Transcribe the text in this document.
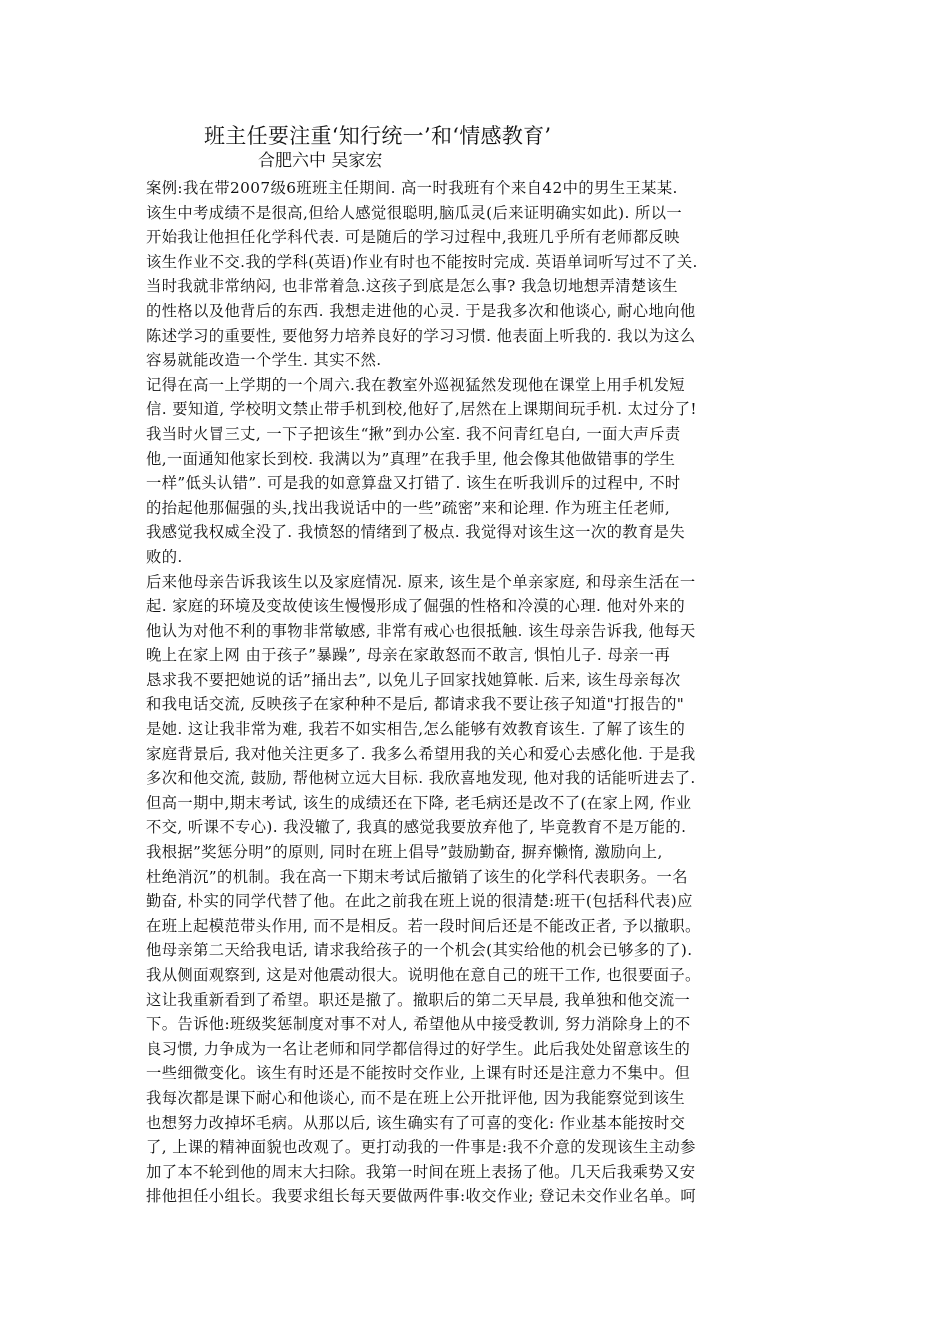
班主任要注重‘知行统一’和‘情感教育’
合肥六中 吴家宏
案例:我在带2007级6班班主任期间. 高一时我班有个来自42中的男生王某某.
该生中考成绩不是很高,但给人感觉很聪明,脑瓜灵(后来证明确实如此). 所以一
开始我让他担任化学科代表. 可是随后的学习过程中,我班几乎所有老师都反映
该生作业不交.我的学科(英语)作业有时也不能按时完成. 英语单词听写过不了关.
当时我就非常纳闷, 也非常着急.这孩子到底是怎么事? 我急切地想弄清楚该生
的性格以及他背后的东西. 我想走进他的心灵. 于是我多次和他谈心, 耐心地向他
陈述学习的重要性, 要他努力培养良好的学习习惯. 他表面上听我的. 我以为这么
容易就能改造一个学生. 其实不然.
记得在高一上学期的一个周六.我在教室外巡视猛然发现他在课堂上用手机发短
信. 要知道, 学校明文禁止带手机到校,他好了,居然在上课期间玩手机. 太过分了!
我当时火冒三丈, 一下子把该生“揪”到办公室. 我不问青红皂白, 一面大声斥责
他,一面通知他家长到校. 我满以为”真理”在我手里, 他会像其他做错事的学生
一样”低头认错”. 可是我的如意算盘又打错了. 该生在听我训斥的过程中, 不时
的抬起他那倔强的头,找出我说话中的一些”疏密”来和论理. 作为班主任老师,
我感觉我权威全没了. 我愤怒的情绪到了极点. 我觉得对该生这一次的教育是失
败的.
后来他母亲告诉我该生以及家庭情况. 原来, 该生是个单亲家庭, 和母亲生活在一
起. 家庭的环境及变故使该生慢慢形成了倔强的性格和冷漠的心理. 他对外来的
他认为对他不利的事物非常敏感, 非常有戒心也很抵触. 该生母亲告诉我, 他每天
晚上在家上网 由于孩子”暴躁”, 母亲在家敢怒而不敢言, 惧怕儿子. 母亲一再
恳求我不要把她说的话”捅出去”, 以免儿子回家找她算帐. 后来, 该生母亲每次
和我电话交流, 反映孩子在家种种不是后, 都请求我不要让孩子知道"打报告的"
是她. 这让我非常为难, 我若不如实相告,怎么能够有效教育该生. 了解了该生的
家庭背景后, 我对他关注更多了. 我多么希望用我的关心和爱心去感化他. 于是我
多次和他交流, 鼓励, 帮他树立远大目标. 我欣喜地发现, 他对我的话能听进去了.
但高一期中,期末考试, 该生的成绩还在下降, 老毛病还是改不了(在家上网, 作业
不交, 听课不专心). 我没辙了, 我真的感觉我要放弃他了, 毕竟教育不是万能的.
我根据”奖惩分明”的原则, 同时在班上倡导”鼓励勤奋, 摒弃懒惰, 激励向上,
杜绝消沉”的机制。我在高一下期末考试后撤销了该生的化学科代表职务。一名
勤奋, 朴实的同学代替了他。在此之前我在班上说的很清楚:班干(包括科代表)应
在班上起模范带头作用, 而不是相反。若一段时间后还是不能改正者, 予以撤职。
他母亲第二天给我电话, 请求我给孩子的一个机会(其实给他的机会已够多的了).
我从侧面观察到, 这是对他震动很大。说明他在意自己的班干工作, 也很要面子。
这让我重新看到了希望。职还是撤了。撤职后的第二天早晨, 我单独和他交流一
下。告诉他:班级奖惩制度对事不对人, 希望他从中接受教训, 努力消除身上的不
良习惯, 力争成为一名让老师和同学都信得过的好学生。此后我处处留意该生的
一些细微变化。该生有时还是不能按时交作业, 上课有时还是注意力不集中。但
我每次都是课下耐心和他谈心, 而不是在班上公开批评他, 因为我能察觉到该生
也想努力改掉坏毛病。从那以后, 该生确实有了可喜的变化: 作业基本能按时交
了, 上课的精神面貌也改观了。更打动我的一件事是:我不介意的发现该生主动参
加了本不轮到他的周末大扫除。我第一时间在班上表扬了他。几天后我乘势又安
排他担任小组长。我要求组长每天要做两件事:收交作业; 登记未交作业名单。呵
